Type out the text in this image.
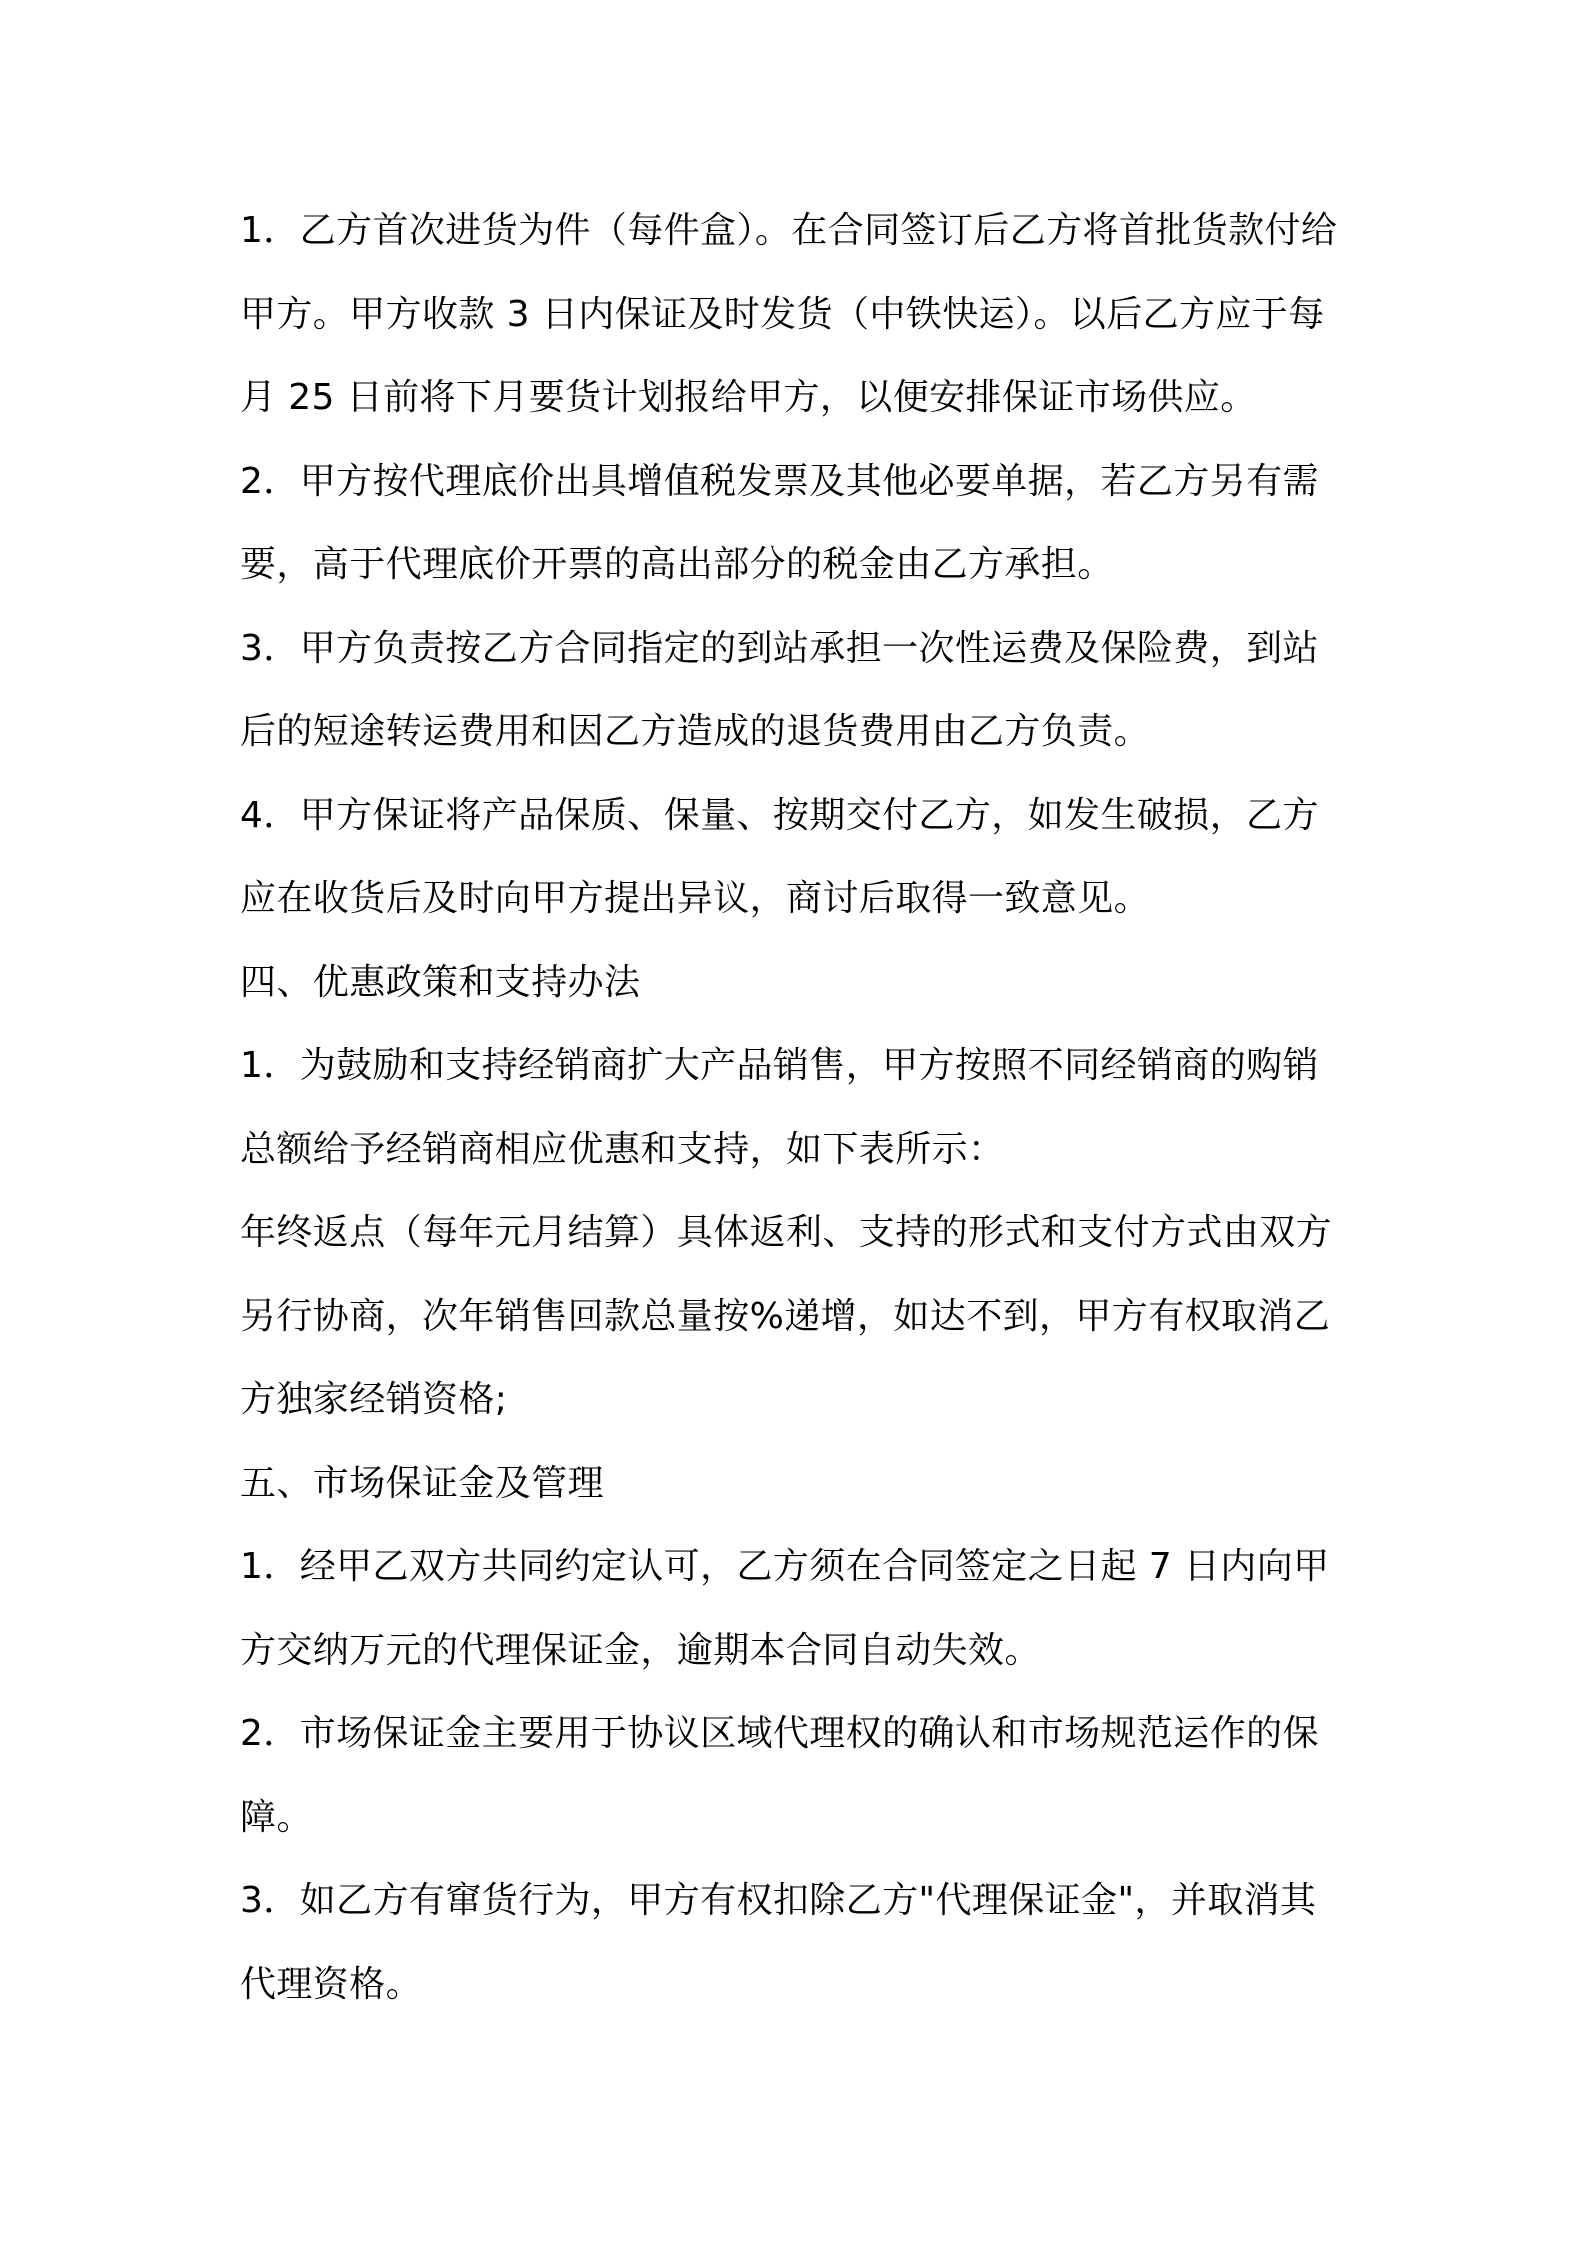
1．乙方首次进货为件（每件盒）。在合同签订后乙方将首批货款付给甲方。甲方收款 3 日内保证及时发货（中铁快运）。以后乙方应于每月 25 日前将下月要货计划报给甲方，以便安排保证市场供应。

2．甲方按代理底价出具增值税发票及其他必要单据，若乙方另有需要，高于代理底价开票的高出部分的税金由乙方承担。

3．甲方负责按乙方合同指定的到站承担一次性运费及保险费，到站后的短途转运费用和因乙方造成的退货费用由乙方负责。

4．甲方保证将产品保质、保量、按期交付乙方，如发生破损，乙方应在收货后及时向甲方提出异议，商讨后取得一致意见。

四、优惠政策和支持办法

1．为鼓励和支持经销商扩大产品销售，甲方按照不同经销商的购销总额给予经销商相应优惠和支持，如下表所示：

年终返点（每年元月结算）具体返利、支持的形式和支付方式由双方另行协商，次年销售回款总量按%递增，如达不到，甲方有权取消乙方独家经销资格;

五、市场保证金及管理

1．经甲乙双方共同约定认可，乙方须在合同签定之日起 7 日内向甲方交纳万元的代理保证金，逾期本合同自动失效。

2．市场保证金主要用于协议区域代理权的确认和市场规范运作的保障。

3．如乙方有窜货行为，甲方有权扣除乙方"代理保证金"，并取消其代理资格。
